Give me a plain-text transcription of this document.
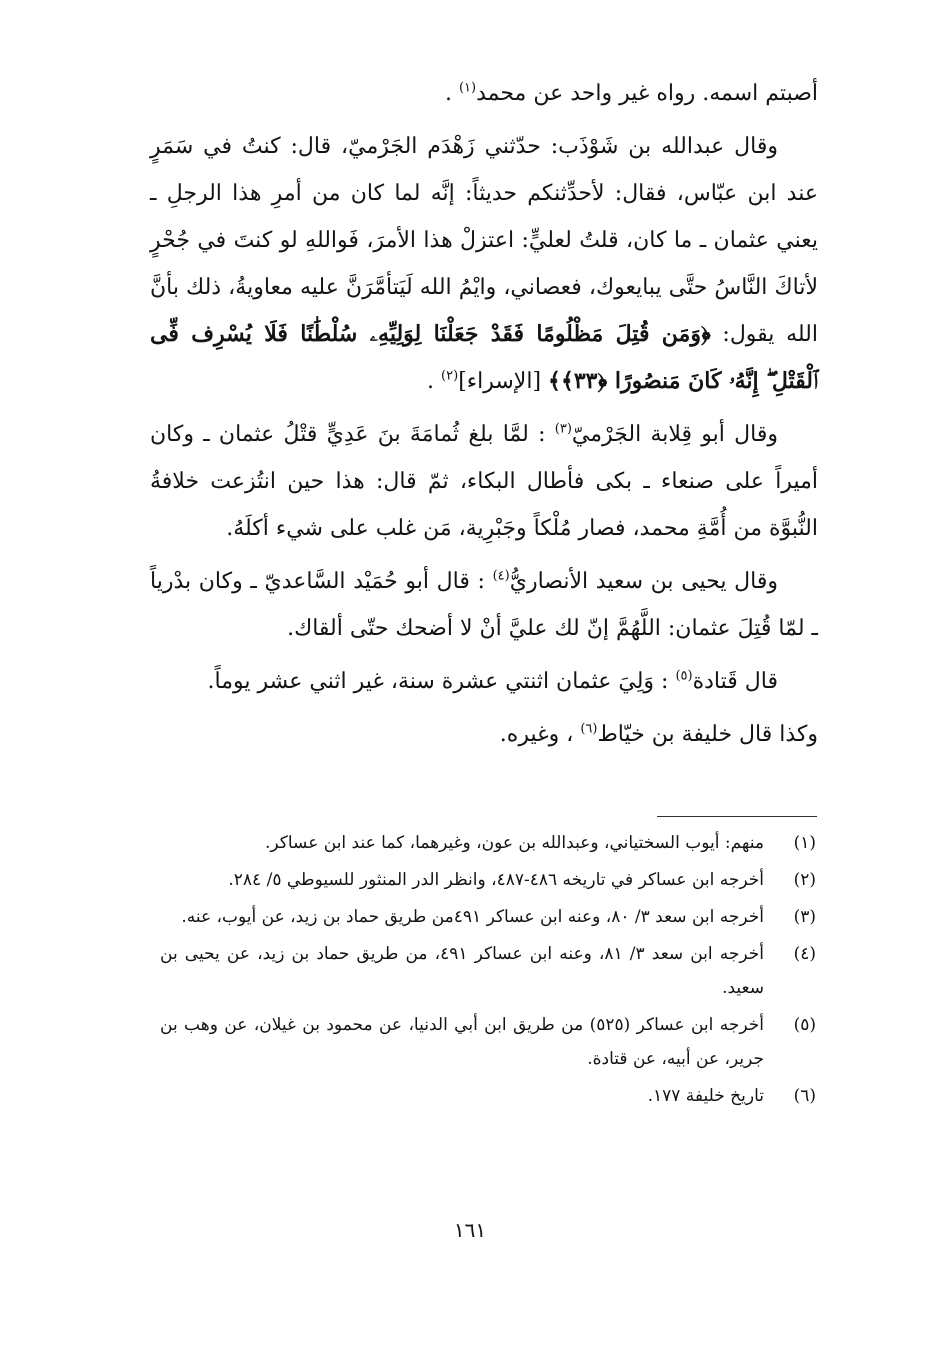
أصبتم اسمه. رواه غير واحد عن محمد$^{(١)}$ .

وقال عبدالله بن شَوْذَب: حدّثني زَهْدَم الجَرْميّ، قال: كنتُ في سَمَرٍ عند ابن عبّاس، فقال: لأحدِّثنكم حديثاً: إنَّه لما كان من أمرِ هذا الرجلِ ـ يعني عثمان ـ ما كان، قلتُ لعليٍّ: اعتزلْ هذا الأمرَ، فَواللهِ لو كنتَ في جُحْرٍ لأتاكَ النَّاسُ حتَّى يبايعوك، فعصاني، وايْمُ الله لَيَتأمَّرَنَّ عليه معاويةُ، ذلك بأنَّ الله يقول: ﴿وَمَن قُتِلَ مَظْلُومًا فَقَدْ جَعَلْنَا لِوَلِيِّهِۦ سُلْطَٰنًا فَلَا يُسْرِف فِّى ٱلْقَتْلِ ۖ إِنَّهُۥ كَانَ مَنصُورًا ﴿٣٣﴾﴾ [الإسراء]$^{(٢)}$ .

وقال أبو قِلابة الجَرْميّ$^{(٣)}$ : لمَّا بلغ ثُمامَةَ بنَ عَدِيٍّ قتْلُ عثمان ـ وكان أميراً على صنعاء ـ بكى فأطال البكاء، ثمّ قال: هذا حين انتُزعت خلافةُ النُّبوَّة من أُمَّةِ محمد، فصار مُلْكاً وجَبْرِية، مَن غلب على شيء أكلَهُ.

وقال يحيى بن سعيد الأنصاريُّ$^{(٤)}$ : قال أبو حُمَيْد السَّاعديّ ـ وكان بدْرياً ـ لمّا قُتِلَ عثمان: اللَّهُمَّ إنّ لك عليَّ أنْ لا أضحك حتّى ألقاك.

قال قَتادة$^{(٥)}$ : وَلِيَ عثمان اثنتي عشرة سنة، غير اثني عشر يوماً.

وكذا قال خليفة بن خيّاط$^{(٦)}$ ، وغيره.

(١)
منهم: أيوب السختياني، وعبدالله بن عون، وغيرهما، كما عند ابن عساكر.
(٢)
أخرجه ابن عساكر في تاريخه ٤٨٦-٤٨٧، وانظر الدر المنثور للسيوطي ٥/ ٢٨٤.
(٣)
أخرجه ابن سعد ٣/ ٨٠، وعنه ابن عساكر ٤٩١من طريق حماد بن زيد، عن أيوب، عنه.
(٤)
أخرجه ابن سعد ٣/ ٨١، وعنه ابن عساكر ٤٩١، من طريق حماد بن زيد، عن يحيى بن سعيد.
(٥)
أخرجه ابن عساكر (٥٢٥) من طريق ابن أبي الدنيا، عن محمود بن غيلان، عن وهب بن جرير، عن أبيه، عن قتادة.
(٦)
تاريخ خليفة ١٧٧.
١٦١
